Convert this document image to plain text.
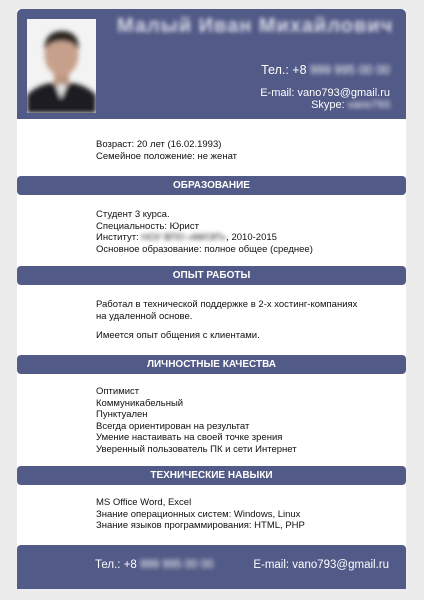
Малый Иван Михайлович
Тел.: +8 999 995 00 00
E-mail: vano793@gmail.ru
Skype: vano793

Возраст: 20 лет (16.02.1993)

Семейное положение: не женат

ОБРАЗОВАНИЕ

Студент 3 курса.

Специальность: Юрист

Институт: НОУ ВПО «МИЭП», 2010-2015

Основное образование: полное общее (среднее)

ОПЫТ РАБОТЫ

Работал в технической поддержке в 2-х хостинг-компаниях

на удаленной основе.

Имеется опыт общения с клиентами.

ЛИЧНОСТНЫЕ КАЧЕСТВА

Оптимист

Коммуникабельный

Пунктуален

Всегда ориентирован на результат

Умение настаивать на своей точке зрения

Уверенный пользователь ПК и сети Интернет

ТЕХНИЧЕСКИЕ НАВЫКИ

MS Office Word, Excel

Знание операционных систем: Windows, Linux

Знание языков программирования: HTML, PHP

Тел.: +8 999 995 00 00	E-mail: vano793@gmail.ru
